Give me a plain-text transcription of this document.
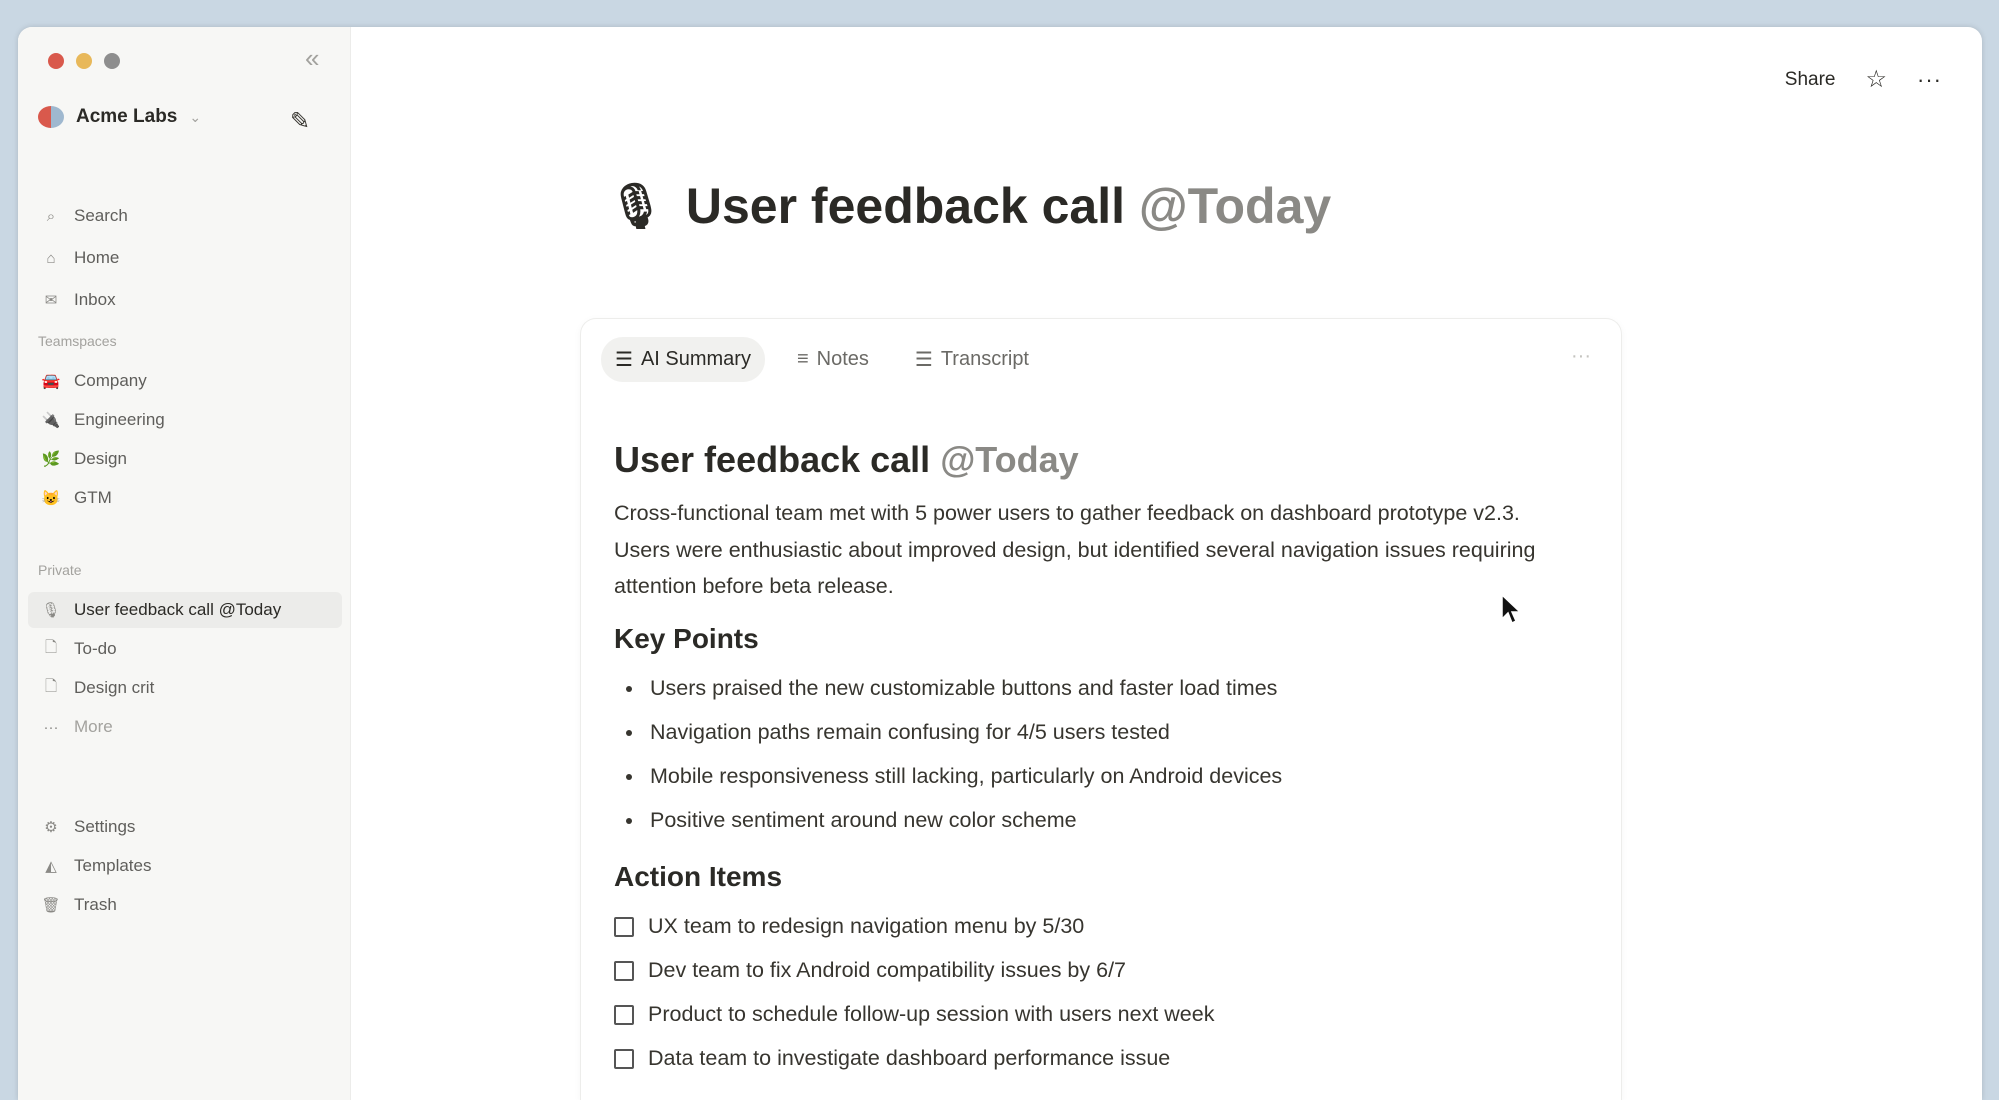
«
Acme Labs ⌄	✎
⌕	Search
⌂	Home
✉ Inbox
Teamspaces
🚘 Company
🔌 Engineering
🌿 Design
😺 GTM
Private
🎙 User feedback call @Today
🗋 To-do
🗋 Design crit
··· More
⚙ Settings
◭	Templates
🗑 Trash
Share ☆ ···
🎙 User feedback call @Today
☰ AI Summary ≡ Notes ☰ Transcript	···
User feedback call @Today

Cross-functional team met with 5 power users to gather feedback on dashboard prototype v2.3. Users were enthusiastic about improved design, but identified several navigation issues requiring attention before beta release.

Key Points
Users praised the new customizable buttons and faster load times
Navigation paths remain confusing for 4/5 users tested
Mobile responsiveness still lacking, particularly on Android devices
Positive sentiment around new color scheme
Action Items
UX team to redesign navigation menu by 5/30
Dev team to fix Android compatibility issues by 6/7
Product to schedule follow-up session with users next week
Data team to investigate dashboard performance issue
